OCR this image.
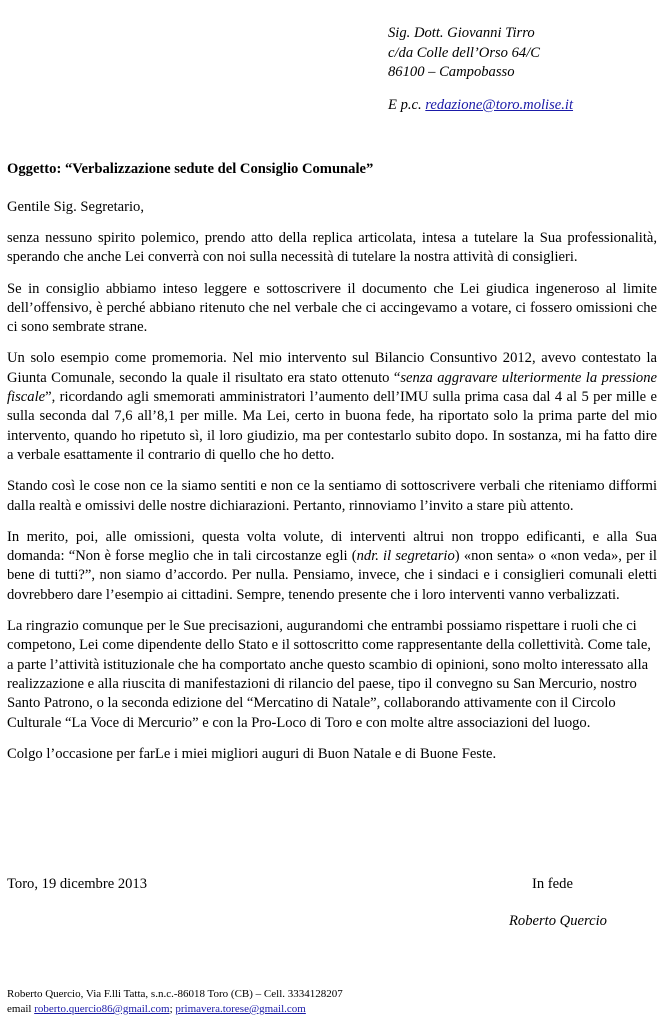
Sig. Dott. Giovanni Tirro
c/da Colle dell’Orso 64/C
86100 – Campobasso
E p.c. redazione@toro.molise.it
Oggetto: “Verbalizzazione sedute del Consiglio Comunale”
Gentile Sig. Segretario,

senza nessuno spirito polemico, prendo atto della replica articolata, intesa a tutelare la Sua professionalità, sperando che anche Lei converrà con noi sulla necessità di tutelare la nostra attività di consiglieri.

Se in consiglio abbiamo inteso leggere e sottoscrivere il documento che Lei giudica ingeneroso al limite dell’offensivo, è perché abbiano ritenuto che nel verbale che ci accingevamo a votare, ci fossero omissioni che ci sono sembrate strane.

Un solo esempio come promemoria. Nel mio intervento sul Bilancio Consuntivo 2012, avevo contestato la Giunta Comunale, secondo la quale il risultato era stato ottenuto “senza aggravare ulteriormente la pressione fiscale”, ricordando agli smemorati amministratori l’aumento dell’IMU sulla prima casa dal 4 al 5 per mille e sulla seconda dal 7,6 all’8,1 per mille. Ma Lei, certo in buona fede, ha riportato solo la prima parte del mio intervento, quando ho ripetuto sì, il loro giudizio, ma per contestarlo subito dopo. In sostanza, mi ha fatto dire a verbale esattamente il contrario di quello che ho detto.

Stando così le cose non ce la siamo sentiti e non ce la sentiamo di sottoscrivere verbali che riteniamo difformi dalla realtà e omissivi delle nostre dichiarazioni. Pertanto, rinnoviamo l’invito a stare più attento.

In merito, poi, alle omissioni, questa volta volute, di interventi altrui non troppo edificanti, e alla Sua domanda: “Non è forse meglio che in tali circostanze egli (ndr. il segretario) «non senta» o «non veda», per il bene di tutti?”, non siamo d’accordo. Per nulla. Pensiamo, invece, che i sindaci e i consiglieri comunali eletti dovrebbero dare l’esempio ai cittadini. Sempre, tenendo presente che i loro interventi vanno verbalizzati.

La ringrazio comunque per le Sue precisazioni, augurandomi che entrambi possiamo rispettare i ruoli che ci competono, Lei come dipendente dello Stato e il sottoscritto come rappresentante della collettività. Come tale, a parte l’attività istituzionale che ha comportato anche questo scambio di opinioni, sono molto interessato alla realizzazione e alla riuscita di manifestazioni di rilancio del paese, tipo il convegno su San Mercurio, nostro Santo Patrono, o la seconda edizione del “Mercatino di Natale”, collaborando attivamente con il Circolo Culturale “La Voce di Mercurio” e con la Pro-Loco di Toro e con molte altre associazioni del luogo.

Colgo l’occasione per farLe i miei migliori auguri di Buon Natale e di Buone Feste.

Toro, 19 dicembre 2013	In fede
Roberto Quercio
Roberto Quercio, Via F.lli Tatta, s.n.c.-86018 Toro (CB) – Cell. 3334128207
email roberto.quercio86@gmail.com; primavera.torese@gmail.com
